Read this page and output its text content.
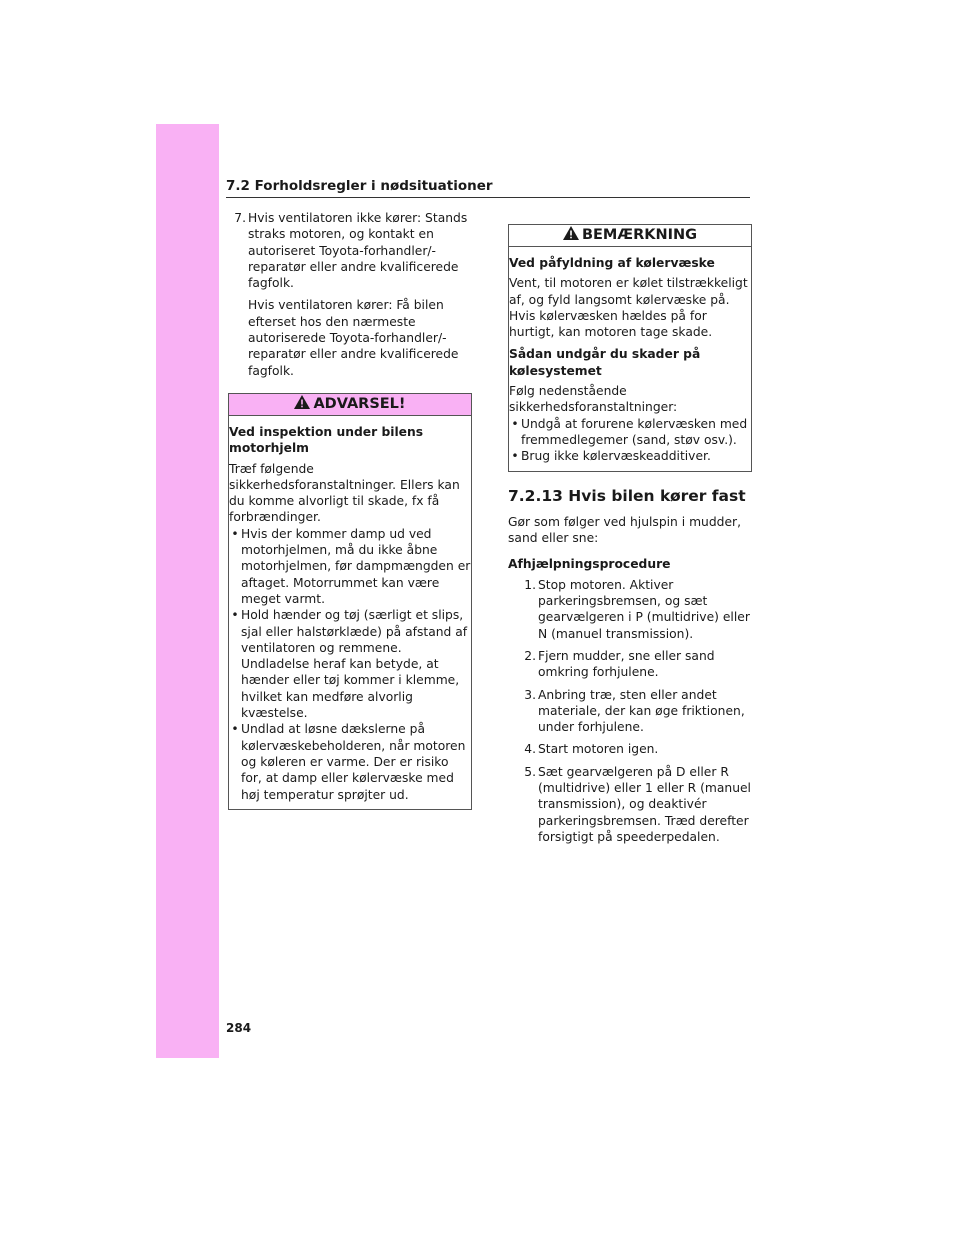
7.2 Forholdsregler i nødsituationer
7. Hvis ventilatoren ikke kører: Stands straks motoren, og kontakt en autoriseret Toyota-forhandler/-reparatør eller andre kvalificerede fagfolk.

Hvis ventilatoren kører: Få bilen efterset hos den nærmeste autoriserede Toyota-forhandler/-reparatør eller andre kvalificerede fagfolk.

ADVARSEL!

Ved inspektion under bilens motorhjelm

Træf følgende sikkerhedsforanstaltninger. Ellers kan du komme alvorligt til skade, fx få forbrændinger.

• Hvis der kommer damp ud ved motorhjelmen, må du ikke åbne motorhjelmen, før dampmængden er aftaget. Motorrummet kan være meget varmt.
• Hold hænder og tøj (særligt et slips, sjal eller halstørklæde) på afstand af ventilatoren og remmene. Undladelse heraf kan betyde, at hænder eller tøj kommer i klemme, hvilket kan medføre alvorlig kvæstelse.
• Undlad at løsne dækslerne på kølervæskebeholderen, når motoren og køleren er varme. Der er risiko for, at damp eller kølervæske med høj temperatur sprøjter ud.
BEMÆRKNING

Ved påfyldning af kølervæske

Vent, til motoren er kølet tilstrækkeligt af, og fyld langsomt kølervæske på. Hvis kølervæsken hældes på for hurtigt, kan motoren tage skade.

Sådan undgår du skader på kølesystemet

Følg nedenstående sikkerhedsforanstaltninger:

• Undgå at forurene kølervæsken med fremmedlegemer (sand, støv osv.).
• Brug ikke kølervæskeadditiver.
7.2.13 Hvis bilen kører fast

Gør som følger ved hjulspin i mudder, sand eller sne:

Afhjælpningsprocedure

1. Stop motoren. Aktiver parkeringsbremsen, og sæt gearvælgeren i P (multidrive) eller N (manuel transmission).

2. Fjern mudder, sne eller sand omkring forhjulene.

3. Anbring træ, sten eller andet materiale, der kan øge friktionen, under forhjulene.

4. Start motoren igen.

5. Sæt gearvælgeren på D eller R (multidrive) eller 1 eller R (manuel transmission), og deaktivér parkeringsbremsen. Træd derefter forsigtigt på speederpedalen.

284
